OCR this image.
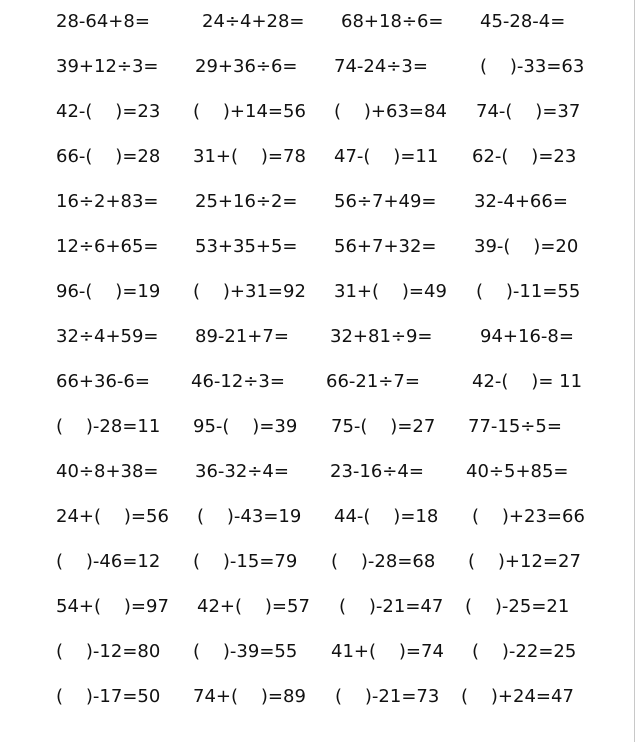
28-64+8=	24÷4+28= 68+18÷6= 45-28-4=
39+12÷3= 29+36÷6= 74-24÷3=	(    )-33=63
42-(    )=23 (    )+14=56 (    )+63=84 74-(    )=37
66-(    )=28 31+(    )=78 47-(    )=11 62-(    )=23
16÷2+83= 25+16÷2= 56÷7+49= 32-4+66=
12÷6+65= 53+35+5= 56+7+32= 39-(    )=20
96-(    )=19 (    )+31=92 31+(    )=49 (    )-11=55
32÷4+59= 89-21+7= 32+81÷9=	94+16-8=
66+36-6= 46-12÷3= 66-21÷7=	42-(    )= 11
(    )-28=11 95-(    )=39 75-(    )=27 77-15÷5=
40÷8+38= 36-32÷4= 23-16÷4= 40÷5+85=
24+(    )=56 (    )-43=19 44-(    )=18 (    )+23=66
(    )-46=12 (    )-15=79 (    )-28=68 (    )+12=27
54+(    )=97 42+(    )=57 (    )-21=47 (    )-25=21
(    )-12=80 (    )-39=55 41+(    )=74 (    )-22=25
(    )-17=50 74+(    )=89 (    )-21=73 (    )+24=47
